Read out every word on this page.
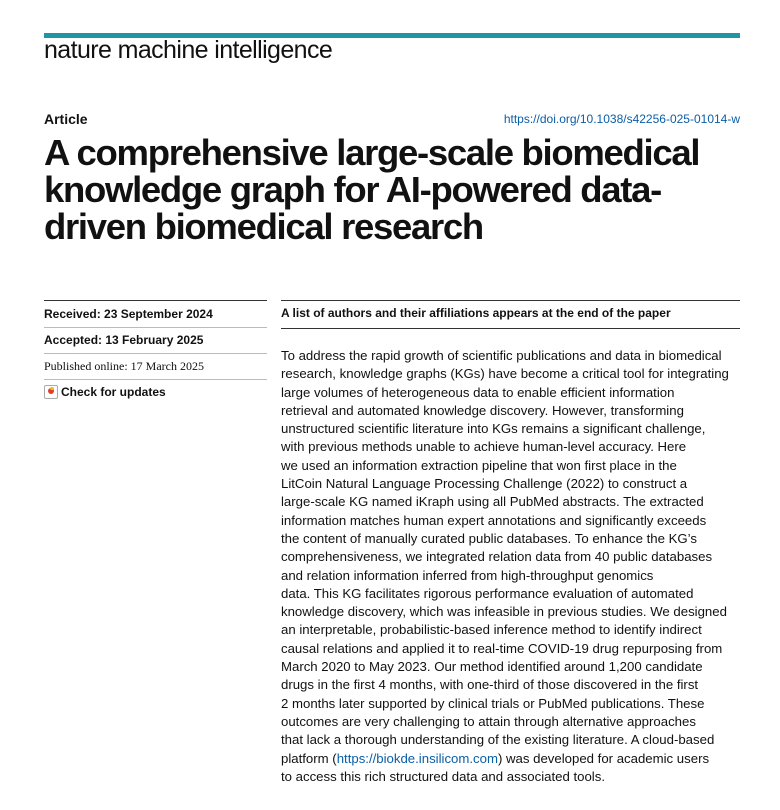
nature machine intelligence
Article	https://doi.org/10.1038/s42256-025-01014-w
A comprehensive large-scale biomedical knowledge graph for AI-powered data-driven biomedical research
Received: 23 September 2024
Accepted: 13 February 2025
Published online: 17 March 2025
Check for updates
A list of authors and their affiliations appears at the end of the paper
To address the rapid growth of scientific publications and data in biomedical
research, knowledge graphs (KGs) have become a critical tool for integrating
large volumes of heterogeneous data to enable efficient information
retrieval and automated knowledge discovery. However, transforming
unstructured scientific literature into KGs remains a significant challenge,
with previous methods unable to achieve human-level accuracy. Here
we used an information extraction pipeline that won first place in the
LitCoin Natural Language Processing Challenge (2022) to construct a
large-scale KG named iKraph using all PubMed abstracts. The extracted
information matches human expert annotations and significantly exceeds
the content of manually curated public databases. To enhance the KG’s
comprehensiveness, we integrated relation data from 40 public databases
and relation information inferred from high-throughput genomics
data. This KG facilitates rigorous performance evaluation of automated
knowledge discovery, which was infeasible in previous studies. We designed
an interpretable, probabilistic-based inference method to identify indirect
causal relations and applied it to real-time COVID-19 drug repurposing from
March 2020 to May 2023. Our method identified around 1,200 candidate
drugs in the first 4 months, with one-third of those discovered in the first
2 months later supported by clinical trials or PubMed publications. These
outcomes are very challenging to attain through alternative approaches
that lack a thorough understanding of the existing literature. A cloud-based
platform (https://biokde.insilicom.com) was developed for academic users
to access this rich structured data and associated tools.
